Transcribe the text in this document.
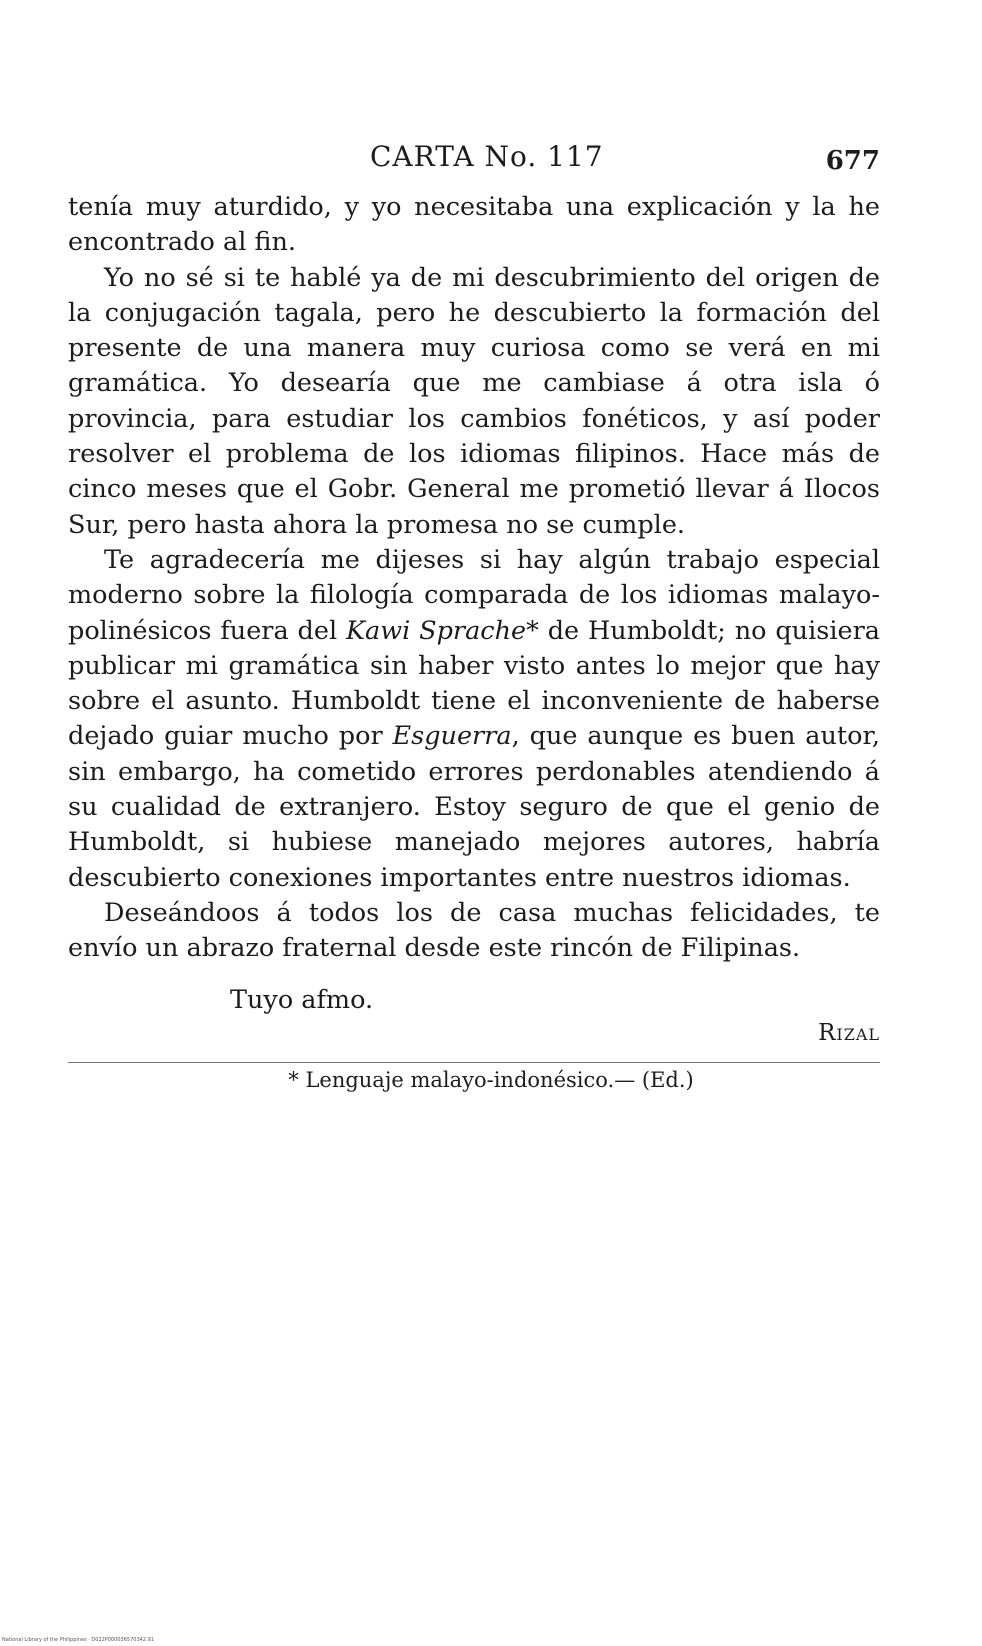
CARTA No. 117	677

tenía muy aturdido, y yo necesitaba una explicación y la he encontrado al fin.

Yo no sé si te hablé ya de mi descubrimiento del origen de la conjugación tagala, pero he descubierto la formación del presente de una manera muy curiosa como se verá en mi gramática. Yo desearía que me cambiase á otra isla ó provincia, para estudiar los cambios fonéticos, y así poder resolver el problema de los idiomas filipinos. Hace más de cinco meses que el Gobr. General me prometió llevar á Ilocos Sur, pero hasta ahora la promesa no se cumple.

Te agradecería me dijeses si hay algún trabajo especial moderno sobre la filología comparada de los idiomas malayo-polinésicos fuera del Kawi Sprache* de Humboldt; no quisiera publicar mi gramática sin haber visto antes lo mejor que hay sobre el asunto. Humboldt tiene el inconveniente de haberse dejado guiar mucho por Esguerra, que aunque es buen autor, sin embargo, ha cometido errores perdonables atendiendo á su cualidad de extranjero. Estoy seguro de que el genio de Humboldt, si hubiese manejado mejores autores, habría descubierto conexiones importantes entre nuestros idiomas.

Deseándoos á todos los de casa muchas felicidades, te envío un abrazo fraternal desde este rincón de Filipinas.

Tuyo afmo.
Rizal
* Lenguaje malayo-indonésico.— (Ed.)
National Library of the Philippines · D022P000036570342.91
